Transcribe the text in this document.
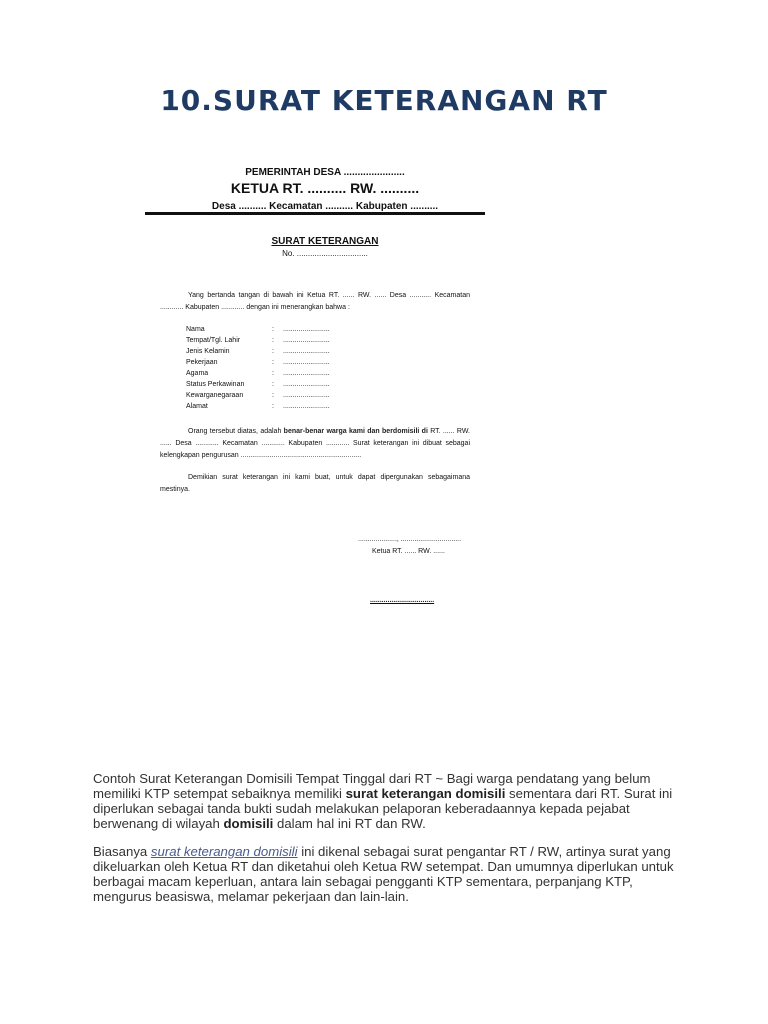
10.SURAT KETERANGAN RT
PEMERINTAH DESA ......................
KETUA RT. .......... RW. ..........
Desa .......... Kecamatan .......... Kabupaten ..........
SURAT KETERANGAN
No. ................................
Yang bertanda tangan di bawah ini Ketua RT. ...... RW. ...... Desa ........... Kecamatan ............ Kabupaten ............ dengan ini menerangkan bahwa :
Nama	: ........................
Tempat/Tgl. Lahir	: ........................
Jenis Kelamin	: ........................
Pekerjaan	: ........................
Agama	: ........................
Status Perkawinan	: ........................
Kewarganegaraan	: ........................
Alamat	: ........................
Orang tersebut diatas, adalah benar-benar warga kami dan berdomisili di RT. ...... RW. ...... Desa ............ Kecamatan ............ Kabupaten ............ Surat keterangan ini dibuat sebagai kelengkapan pengurusan ..............................................................
Demikian surat keterangan ini kami buat, untuk dapat dipergunakan sebagaimana mestinya.
...................., ...............................
Ketua RT. ...... RW. ......
.................................
Contoh Surat Keterangan Domisili Tempat Tinggal dari RT ~ Bagi warga pendatang yang belum memiliki KTP setempat sebaiknya memiliki surat keterangan domisili sementara dari RT. Surat ini diperlukan sebagai tanda bukti sudah melakukan pelaporan keberadaannya kepada pejabat berwenang di wilayah domisili dalam hal ini RT dan RW.
Biasanya surat keterangan domisili ini dikenal sebagai surat pengantar RT / RW, artinya surat yang dikeluarkan oleh Ketua RT dan diketahui oleh Ketua RW setempat. Dan umumnya diperlukan untuk berbagai macam keperluan, antara lain sebagai pengganti KTP sementara, perpanjang KTP, mengurus beasiswa, melamar pekerjaan dan lain-lain.
